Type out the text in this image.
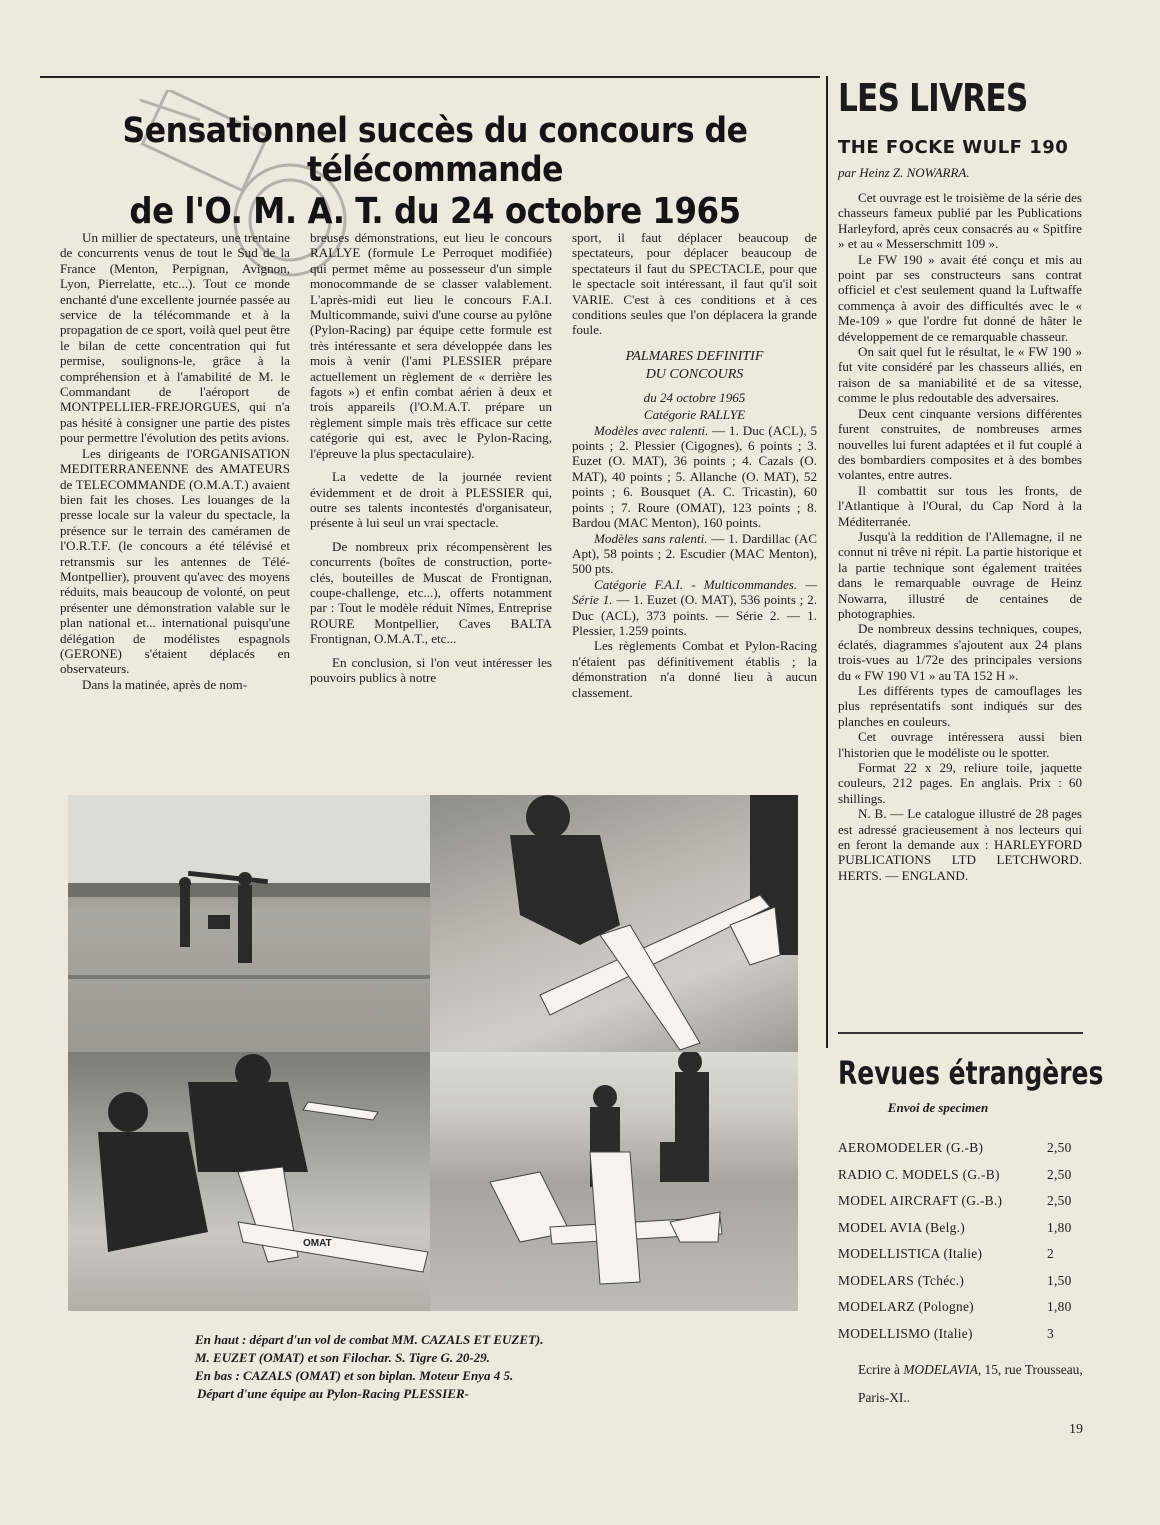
Sensationnel succès du concours de télécommande
de l'O. M. A. T. du 24 octobre 1965

Un millier de spectateurs, une trentaine de concurrents venus de tout le Sud de la France (Menton, Perpignan, Avignon, Lyon, Pierrelatte, etc...). Tout ce monde enchanté d'une excellente journée passée au service de la télécommande et à la propagation de ce sport, voilà quel peut être le bilan de cette concentration qui fut permise, soulignons-le, grâce à la compréhension et à l'amabilité de M. le Commandant de l'aéroport de MONTPELLIER-FREJORGUES, qui n'a pas hésité à consigner une partie des pistes pour permettre l'évolution des petits avions.

Les dirigeants de l'ORGANISATION MEDITERRANEENNE des AMATEURS de TELECOMMANDE (O.M.A.T.) avaient bien fait les choses. Les louanges de la presse locale sur la valeur du spectacle, la présence sur le terrain des caméramen de l'O.R.T.F. (le concours a été télévisé et retransmis sur les antennes de Télé-Montpellier), prouvent qu'avec des moyens réduits, mais beaucoup de volonté, on peut présenter une démonstration valable sur le plan national et... international puisqu'une délégation de modélistes espagnols (GERONE) s'étaient déplacés en observateurs.

Dans la matinée, après de nom-

breuses démonstrations, eut lieu le concours RALLYE (formule Le Perroquet modifiée) qui permet même au possesseur d'un simple monocommande de se classer valablement. L'après-midi eut lieu le concours F.A.I. Multicommande, suivi d'une course au pylône (Pylon-Racing) par équipe cette formule est très intéressante et sera développée dans les mois à venir (l'ami PLESSIER prépare actuellement un règlement de « derrière les fagots ») et enfin combat aérien à deux et trois appareils (l'O.M.A.T. prépare un règlement simple mais très efficace sur cette catégorie qui est, avec le Pylon-Racing, l'épreuve la plus spectaculaire).

La vedette de la journée revient évidemment et de droit à PLESSIER qui, outre ses talents incontestés d'organisateur, présente à lui seul un vrai spectacle.

De nombreux prix récompensèrent les concurrents (boîtes de construction, porte-clés, bouteilles de Muscat de Frontignan, coupe-challenge, etc...), offerts notamment par : Tout le modèle réduit Nîmes, Entreprise ROURE Montpellier, Caves BALTA Frontignan, O.M.A.T., etc...

En conclusion, si l'on veut intéresser les pouvoirs publics à notre

sport, il faut déplacer beaucoup de spectateurs, pour déplacer beaucoup de spectateurs il faut du SPECTACLE, pour que le spectacle soit intéressant, il faut qu'il soit VARIE. C'est à ces conditions et à ces conditions seules que l'on déplacera la grande foule.

PALMARES DEFINITIF

DU CONCOURS

du 24 octobre 1965

Catégorie RALLYE

Modèles avec ralenti. — 1. Duc (ACL), 5 points ; 2. Plessier (Cigognes), 6 points ; 3. Euzet (O. MAT), 36 points ; 4. Cazals (O. MAT), 40 points ; 5. Allanche (O. MAT), 52 points ; 6. Bousquet (A. C. Tricastin), 60 points ; 7. Roure (OMAT), 123 points ; 8. Bardou (MAC Menton), 160 points.

Modèles sans ralenti. — 1. Dardillac (AC Apt), 58 points ; 2. Escudier (MAC Menton), 500 pts.

Catégorie F.A.I. - Multicommandes. — Série 1. — 1. Euzet (O. MAT), 536 points ; 2. Duc (ACL), 373 points. — Série 2. — 1. Plessier, 1.259 points.

Les règlements Combat et Pylon-Racing n'étaient pas définitivement établis ; la démonstration n'a donné lieu à aucun classement.

OMAT
En haut : départ d'un vol de combat MM. CAZALS ET EUZET).
M. EUZET (OMAT) et son Filochar. S. Tigre G. 20-29.
En bas : CAZALS (OMAT) et son biplan. Moteur Enya 4 5.
Départ d'une équipe au Pylon-Racing PLESSIER-
LES LIVRES
THE FOCKE WULF 190
par Heinz Z. NOWARRA.

Cet ouvrage est le troisième de la série des chasseurs fameux publié par les Publications Harleyford, après ceux consacrés au « Spitfire » et au « Messerschmitt 109 ».

Le FW 190 » avait été conçu et mis au point par ses constructeurs sans contrat officiel et c'est seulement quand la Luftwaffe commença à avoir des difficultés avec le « Me-109 » que l'ordre fut donné de hâter le développement de ce remarquable chasseur.

On sait quel fut le résultat, le « FW 190 » fut vite considéré par les chasseurs alliés, en raison de sa maniabilité et de sa vitesse, comme le plus redoutable des adversaires.

Deux cent cinquante versions différentes furent construites, de nombreuses armes nouvelles lui furent adaptées et il fut couplé à des bombardiers composites et à des bombes volantes, entre autres.

Il combattit sur tous les fronts, de l'Atlantique à l'Oural, du Cap Nord à la Méditerranée.

Jusqu'à la reddition de l'Allemagne, il ne connut ni trêve ni répit. La partie historique et la partie technique sont également traitées dans le remarquable ouvrage de Heinz Nowarra, illustré de centaines de photographies.

De nombreux dessins techniques, coupes, éclatés, diagrammes s'ajoutent aux 24 plans trois-vues au 1/72e des principales versions du « FW 190 V1 » au TA 152 H ».

Les différents types de camouflages les plus représentatifs sont indiqués sur des planches en couleurs.

Cet ouvrage intéressera aussi bien l'historien que le modéliste ou le spotter.

Format 22 x 29, reliure toile, jaquette couleurs, 212 pages. En anglais. Prix : 60 shillings.

N. B. — Le catalogue illustré de 28 pages est adressé gracieusement à nos lecteurs qui en feront la demande aux : HARLEYFORD PUBLICATIONS LTD LETCHWORD. HERTS. — ENGLAND.

Revues étrangères
Envoi de specimen
AEROMODELER (G.-B)	2,50
RADIO C. MODELS (G.-B)	2,50
MODEL AIRCRAFT (G.-B.)	2,50
MODEL AVIA (Belg.)	1,80
MODELLISTICA (Italie)	2
MODELARS (Tchéc.)	1,50
MODELARZ (Pologne)	1,80
MODELLISMO (Italie)	3
Ecrire à MODELAVIA, 15, rue Trousseau, Paris-XI..
19
